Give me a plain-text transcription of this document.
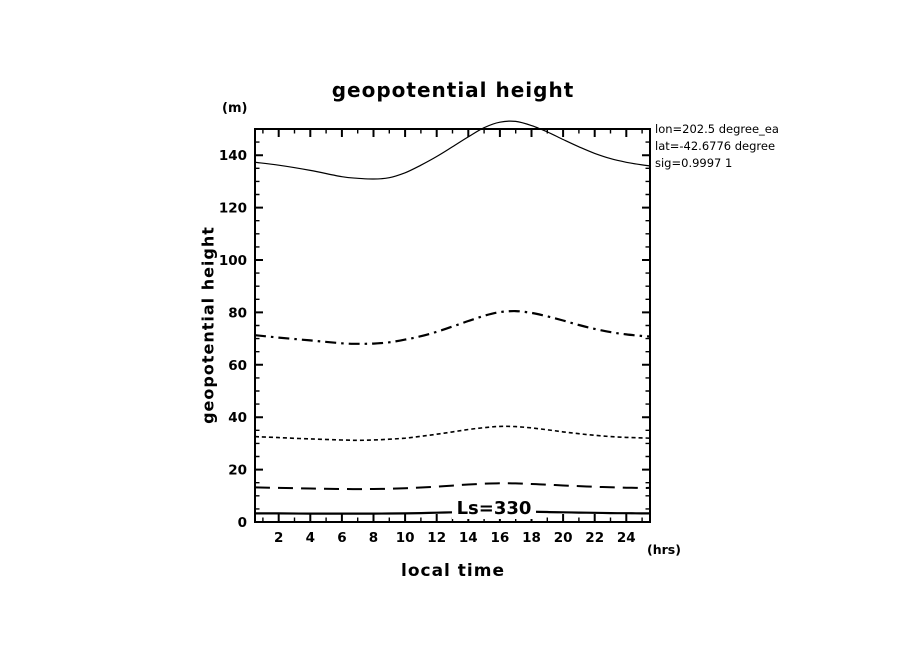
geopotential height
(m)
geopotential height
2 4 6 8 10 12 14 16 18 20 22 24
0
20
40
60
80
100
120
140
(hrs)
local time
Ls=330
lon=202.5 degree_ea
lat=-42.6776 degree
sig=0.9997 1
